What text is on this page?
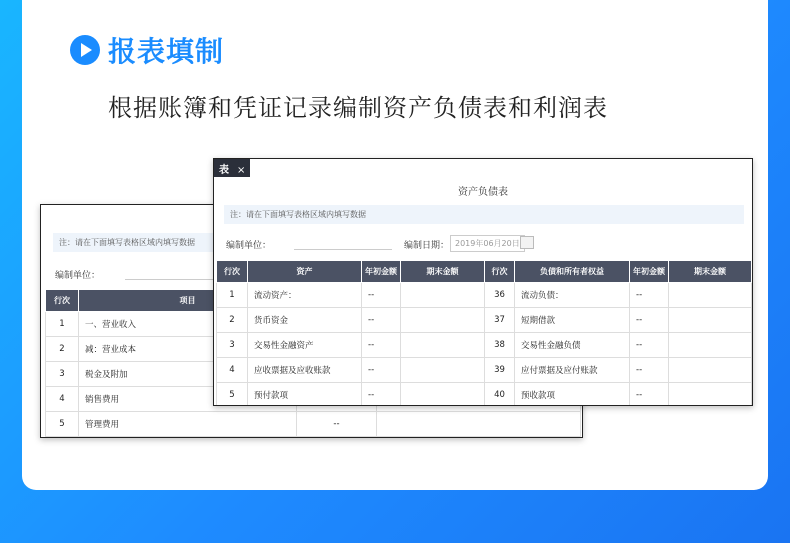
报表填制
根据账簿和凭证记录编制资产负债表和利润表
注：请在下面填写表格区域内填写数据
编制单位：
行次	项目		
1	一、营业收入		
2	减：营业成本		
3	税金及附加		
4	销售费用		
5	管理费用	--	
表 ×
资产负债表
注：请在下面填写表格区域内填写数据
编制单位：	编制日期： 2019年06月20日
行次	资产	年初金额	期末金额	行次	负债和所有者权益	年初金额	期末金额
1	流动资产：	--		36	流动负债：	--	
2	货币资金	--		37	短期借款	--	
3	交易性金融资产	--		38	交易性金融负债	--	
4	应收票据及应收账款	--		39	应付票据及应付账款	--	
5	预付款项	--		40	预收款项	--	
